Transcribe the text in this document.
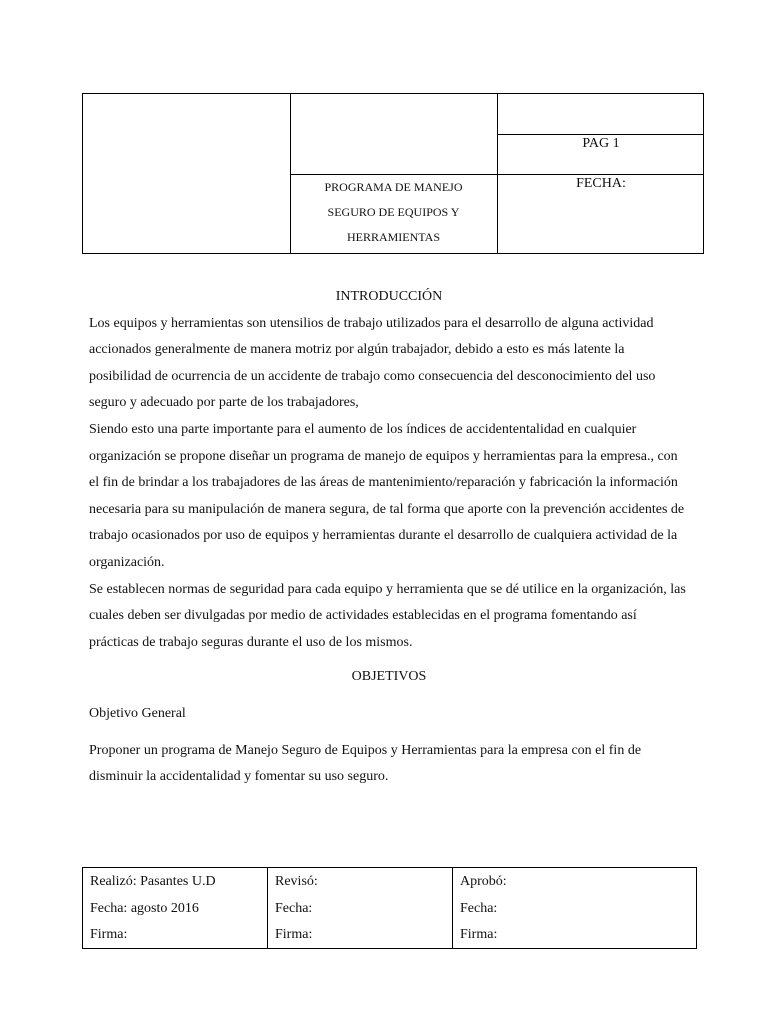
PROGRAMA DE MANEJO
SEGURO DE EQUIPOS Y
HERRAMIENTAS
PAG 1
FECHA:

INTRODUCCIÓN

Los equipos y herramientas son utensilios de trabajo utilizados para el desarrollo de alguna actividad accionados generalmente de manera motriz por algún trabajador, debido a esto es más latente la posibilidad de ocurrencia de un accidente de trabajo como consecuencia del desconocimiento del uso seguro y adecuado por parte de los trabajadores,

Siendo esto una parte importante para el aumento de los índices de accidententalidad en cualquier organización se propone diseñar un programa de manejo de equipos y herramientas para la empresa., con el fin de brindar a los trabajadores de las áreas de mantenimiento/reparación y fabricación la información necesaria para su manipulación de manera segura, de tal forma que aporte con la prevención accidentes de trabajo ocasionados por uso de equipos y herramientas durante el desarrollo de cualquiera actividad de la organización.

Se establecen normas de seguridad para cada equipo y herramienta que se dé utilice en la organización, las cuales deben ser divulgadas por medio de actividades establecidas en el programa fomentando así prácticas de trabajo seguras durante el uso de los mismos.

OBJETIVOS

Objetivo General

Proponer un programa de Manejo Seguro de Equipos y Herramientas para la empresa con el fin de disminuir la accidentalidad y fomentar su uso seguro.

Realizó: Pasantes U.D
Fecha: agosto 2016
Firma:
Revisó:
Fecha:
Firma:
Aprobó:
Fecha:
Firma:
